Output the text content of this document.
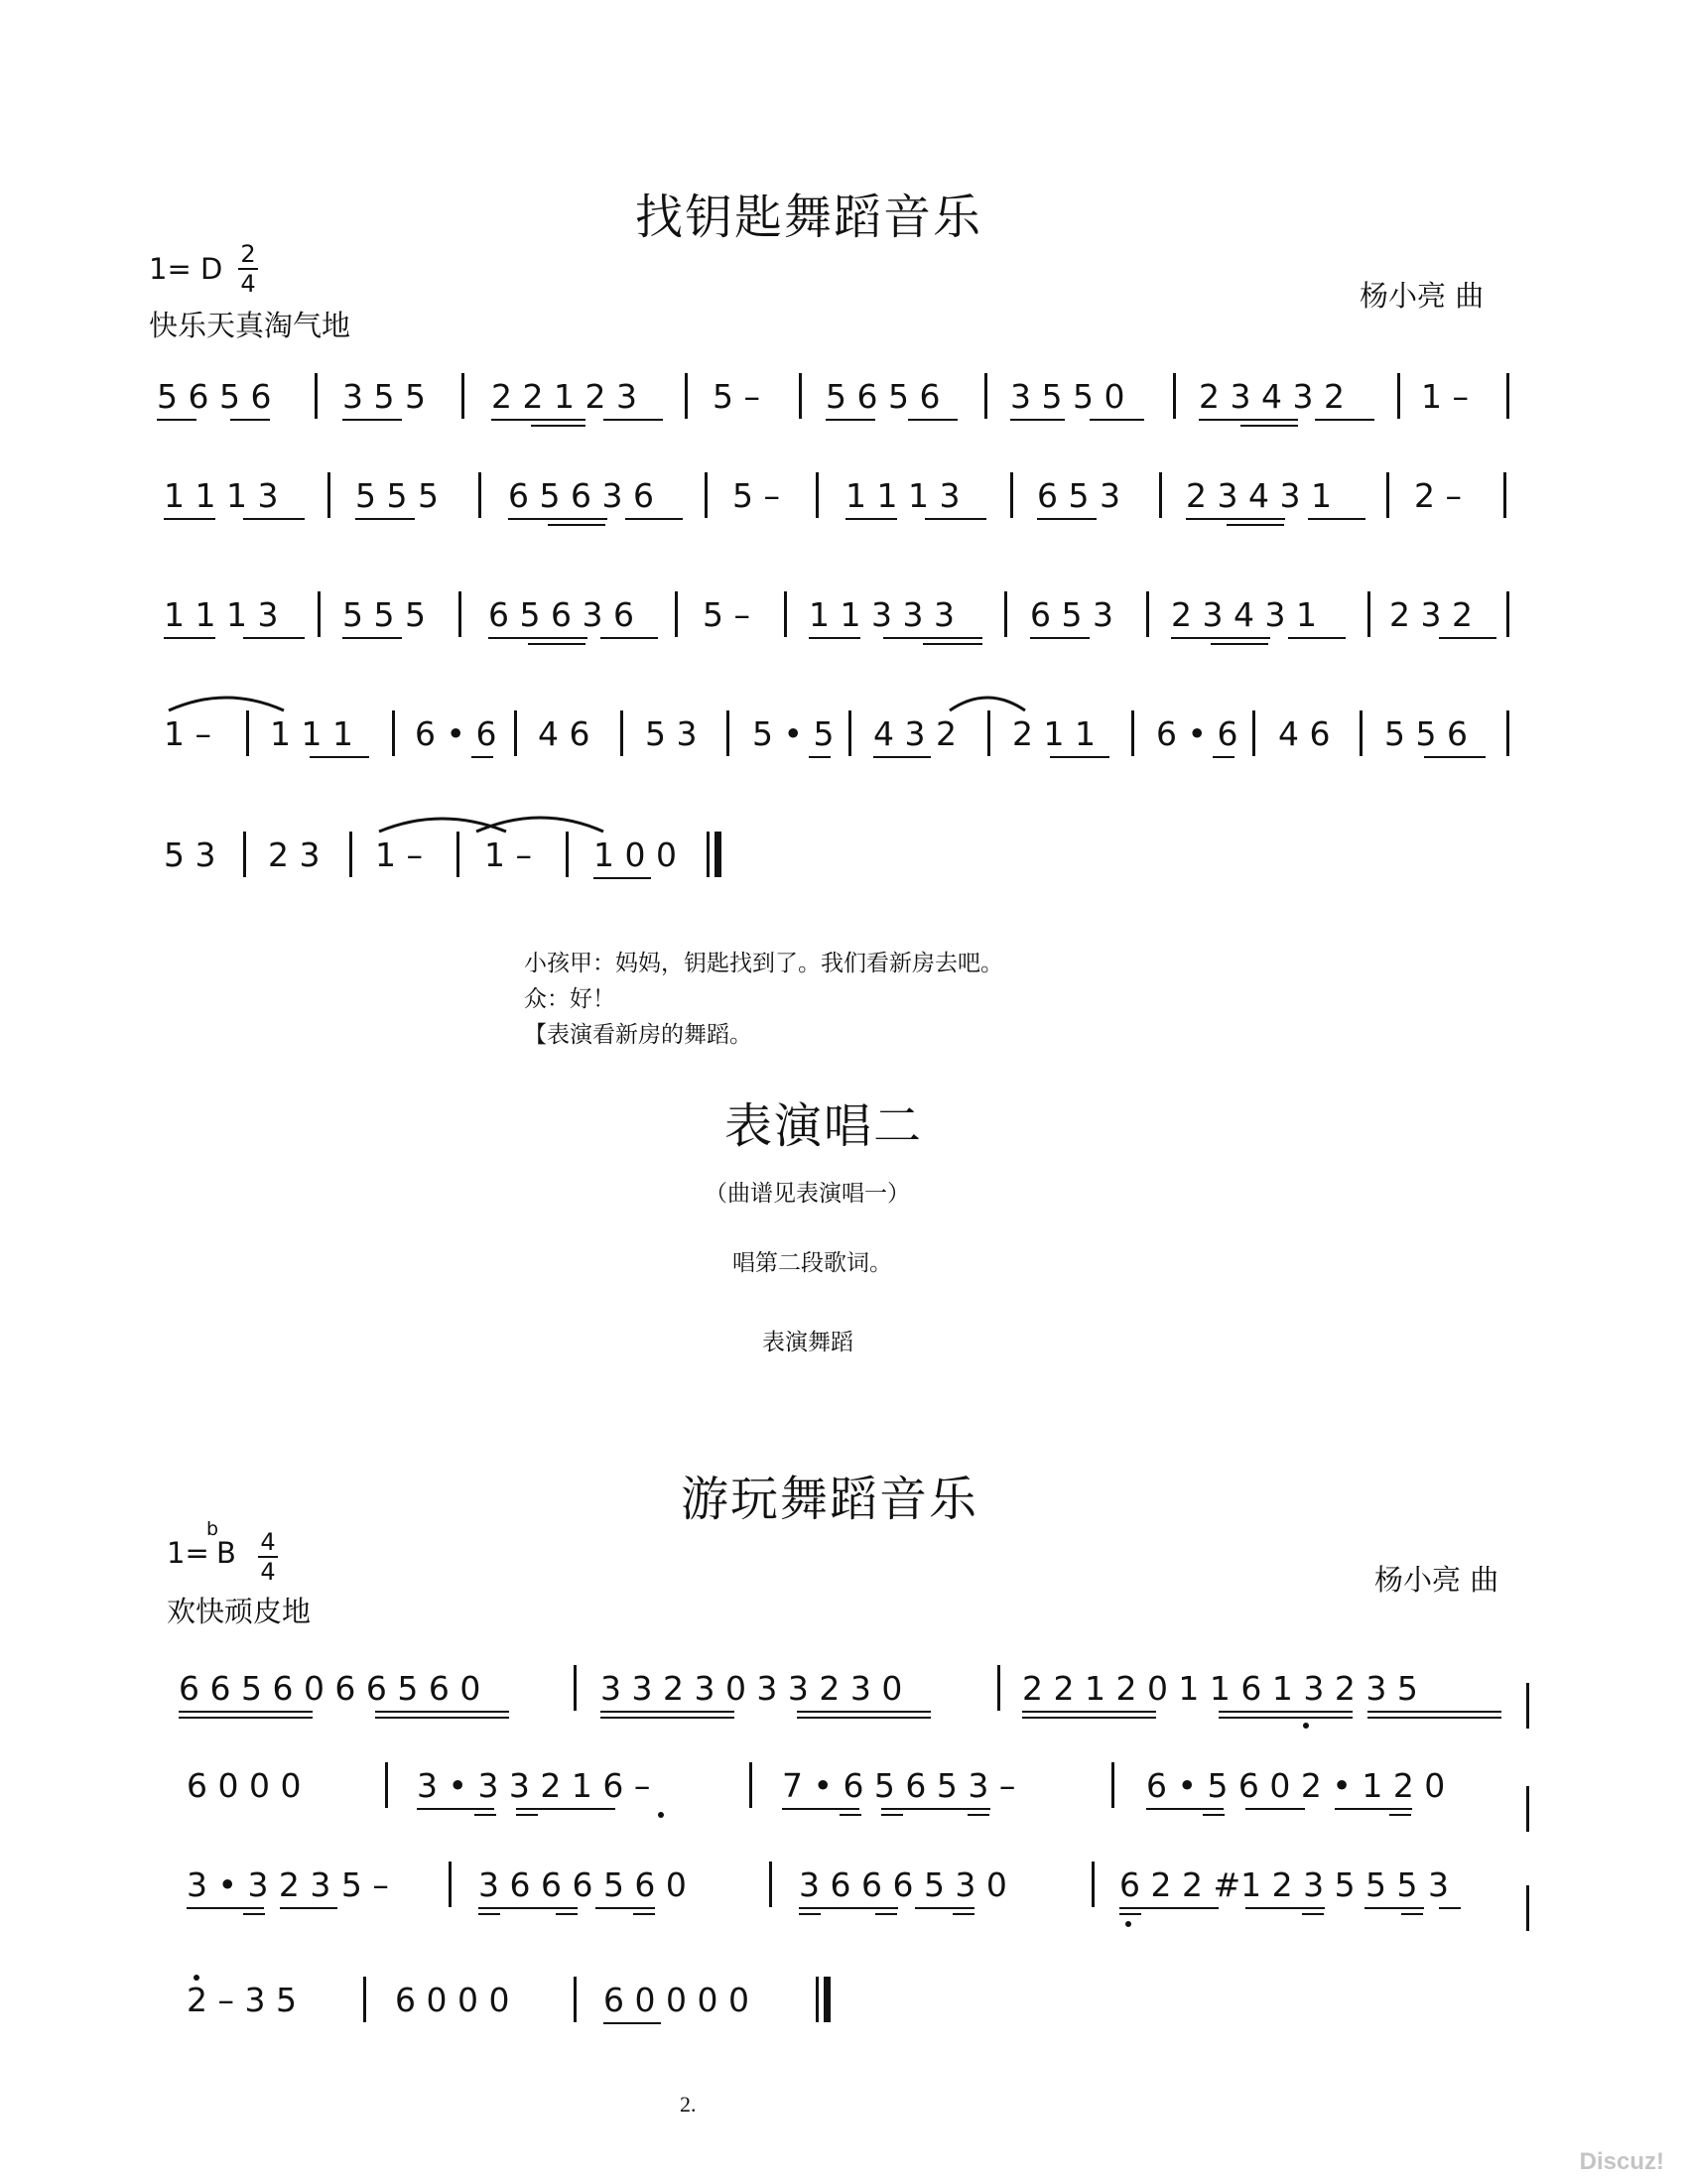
找钥匙舞蹈音乐
1= D 2
4
快乐天真淘气地
杨小亮 曲
5 6 5 6 3 5 5 2 2 1 2 3 5 – 5 6 5 6 3 5 5 0 2 3 4 3 2 1 –
1 1 1 3 5 5 5 6 5 6 3 6 5 – 1 1 1 3 6 5 3 2 3 4 3 1	2 –
1 1 1 3 5 5 5 6 5 6 3 6 5 – 1 1 3 3 3 6 5 3 2 3 4 3 1 2 3 2
1 – 1 1 1 6 • 6 4 6 5 3 5 • 5 4 3 2 2 1 1 6 • 6 4 6 5 5 6
5 3 2 3 1 – 1 – 1 0 0
小孩甲：妈妈，钥匙找到了。我们看新房去吧。
众：好！
【表演看新房的舞蹈。
表演唱二
（曲谱见表演唱一）
唱第二段歌词。
表演舞蹈
游玩舞蹈音乐
1=
b
B 4
4
欢快顽皮地
杨小亮 曲
6 6 5 6 0 6 6 5 6 0	3 3 2 3 0 3 3 2 3 0	2 2 1 2 0 1 1 6 1 3 2 3 5
6 0 0 0	3 • 3 3 2 1 6 –	7 • 6 5 6 5 3 –	6 • 5 6 0 2 • 1 2 0
3 • 3 2 3 5 –	3 6 6 6 5 6 0	3 6 6 6 5 3 0	6 2 2 #1 2 3 5 5 5 3
2 – 3 5	6 0 0 0	6 0 0 0 0
2.
Discuz!
